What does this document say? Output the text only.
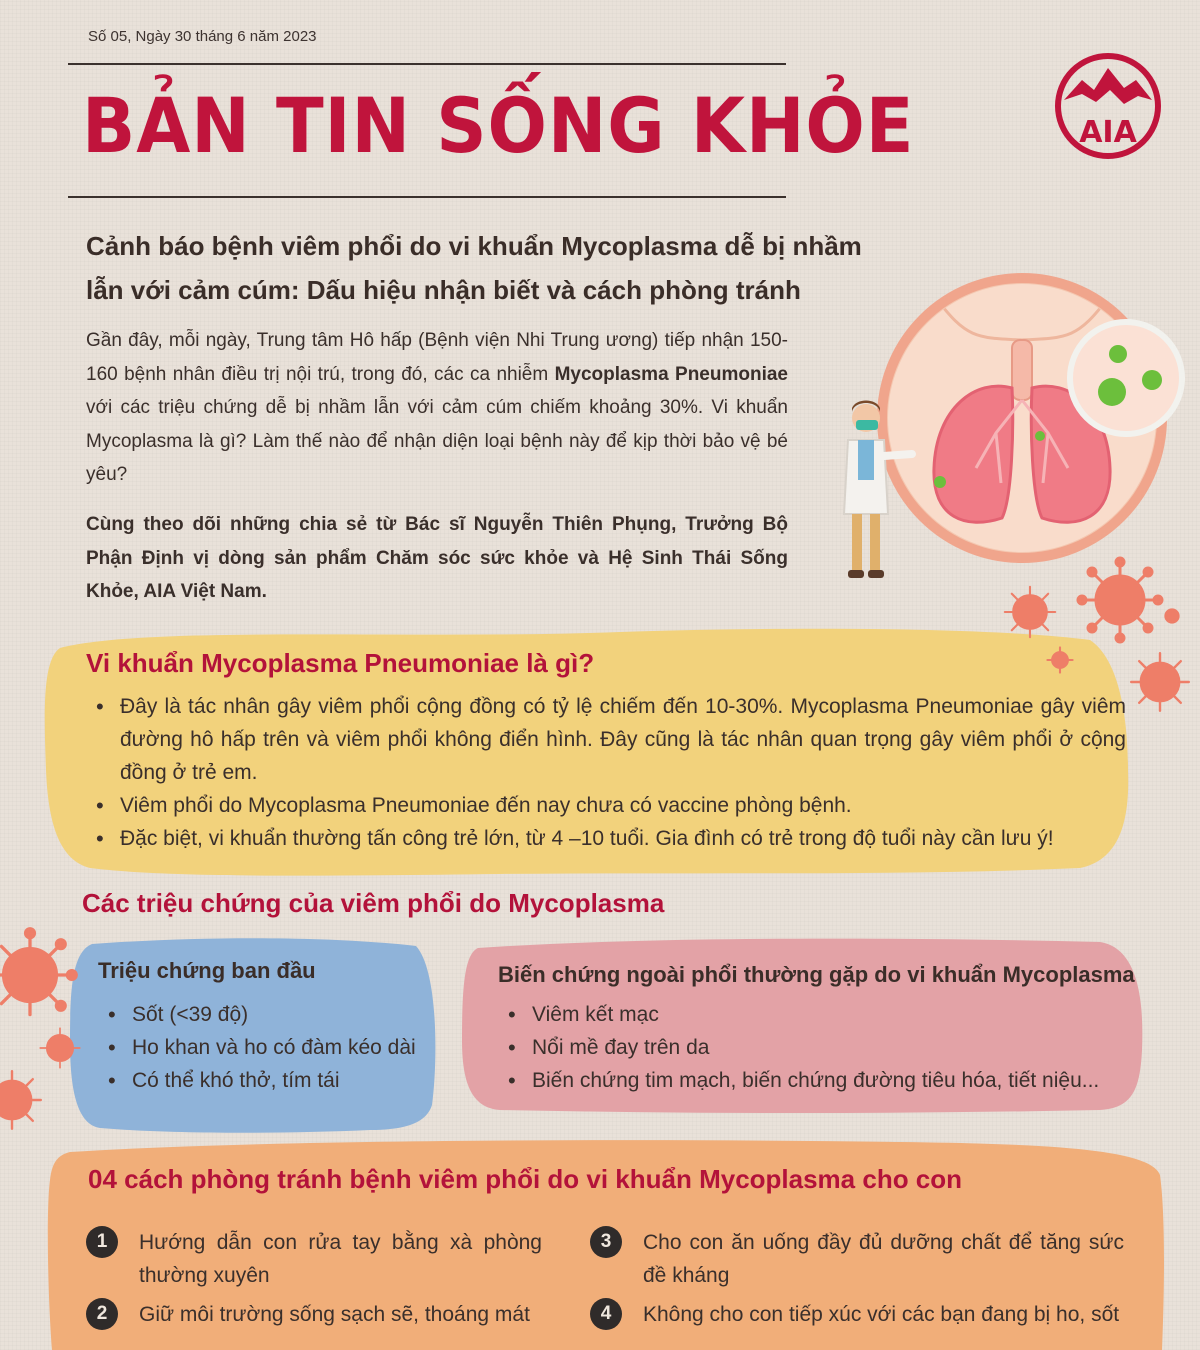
AIA
Số 05, Ngày 30 tháng 6 năm 2023
BẢN TIN SỐNG KHỎE
Cảnh báo bệnh viêm phổi do vi khuẩn Mycoplasma dễ bị nhầm
lẫn với cảm cúm: Dấu hiệu nhận biết và cách phòng tránh
Gần đây, mỗi ngày, Trung tâm Hô hấp (Bệnh viện Nhi Trung ương) tiếp nhận 150-160 bệnh nhân điều trị nội trú, trong đó, các ca nhiễm Mycoplasma Pneumoniae với các triệu chứng dễ bị nhầm lẫn với cảm cúm chiếm khoảng 30%. Vi khuẩn Mycoplasma là gì? Làm thế nào để nhận diện loại bệnh này để kịp thời bảo vệ bé yêu?
Cùng theo dõi những chia sẻ từ Bác sĩ Nguyễn Thiên Phụng, Trưởng Bộ Phận Định vị dòng sản phẩm Chăm sóc sức khỏe và Hệ Sinh Thái Sống Khỏe, AIA Việt Nam.
Vi khuẩn Mycoplasma Pneumoniae là gì?
• Đây là tác nhân gây viêm phổi cộng đồng có tỷ lệ chiếm đến 10-30%. Mycoplasma Pneumoniae gây viêm đường hô hấp trên và viêm phổi không điển hình. Đây cũng là tác nhân quan trọng gây viêm phổi ở cộng đồng ở trẻ em.
• Viêm phổi do Mycoplasma Pneumoniae đến nay chưa có vaccine phòng bệnh.
• Đặc biệt, vi khuẩn thường tấn công trẻ lớn, từ 4 –10 tuổi. Gia đình có trẻ trong độ tuổi này cần lưu ý!
Các triệu chứng của viêm phổi do Mycoplasma
Triệu chứng ban đầu
• Sốt (<39 độ)
• Ho khan và ho có đàm kéo dài
• Có thể khó thở, tím tái
Biến chứng ngoài phổi thường gặp do vi khuẩn Mycoplasma
• Viêm kết mạc
• Nổi mề đay trên da
• Biến chứng tim mạch, biến chứng đường tiêu hóa, tiết niệu...
04 cách phòng tránh bệnh viêm phổi do vi khuẩn Mycoplasma cho con
1	Hướng dẫn con rửa tay bằng xà phòng thường xuyên
2	Giữ môi trường sống sạch sẽ, thoáng mát
3	Cho con ăn uống đầy đủ dưỡng chất để tăng sức đề kháng
4	Không cho con tiếp xúc với các bạn đang bị ho, sốt
